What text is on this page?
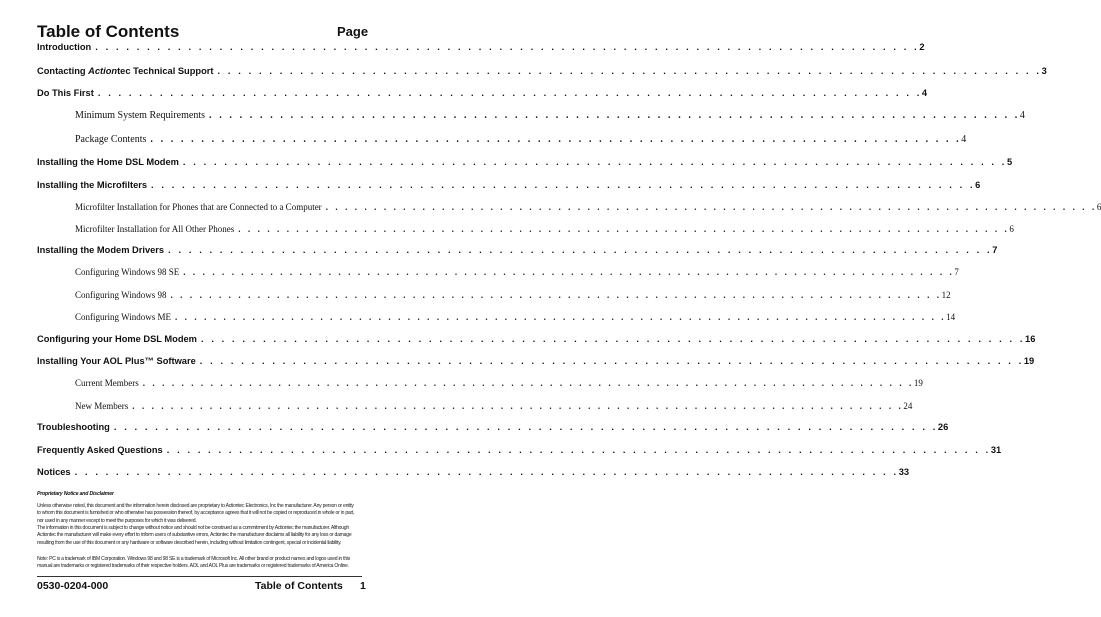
Table of Contents	Page
Introduction . . . . . . . . . . . . . . . . . . . . . . . . . . . . . . . . . . . . . . . . . . . . . . . . . . . . . . . . . . . . . . . . . . . . . . . . . . . . . . . . 2
Contacting Actiontec Technical Support . . . . . . . . . . . . . . . . . . . . . . . . . . . . . . . . . . . . . . . . . . . . . . . . . . . . . . . . . . . . . . . . . . . . . . . . . . . . . . . . 3
Do This First . . . . . . . . . . . . . . . . . . . . . . . . . . . . . . . . . . . . . . . . . . . . . . . . . . . . . . . . . . . . . . . . . . . . . . . . . . . . . . . . 4
Minimum System Requirements . . . . . . . . . . . . . . . . . . . . . . . . . . . . . . . . . . . . . . . . . . . . . . . . . . . . . . . . . . . . . . . . . . . . . . . . . . . . . . . . 4
Package Contents . . . . . . . . . . . . . . . . . . . . . . . . . . . . . . . . . . . . . . . . . . . . . . . . . . . . . . . . . . . . . . . . . . . . . . . . . . . . . . . . 4
Installing the Home DSL Modem . . . . . . . . . . . . . . . . . . . . . . . . . . . . . . . . . . . . . . . . . . . . . . . . . . . . . . . . . . . . . . . . . . . . . . . . . . . . . . . . 5
Installing the Microfilters . . . . . . . . . . . . . . . . . . . . . . . . . . . . . . . . . . . . . . . . . . . . . . . . . . . . . . . . . . . . . . . . . . . . . . . . . . . . . . . . 6
Microfilter Installation for Phones that are Connected to a Computer . . . . . . . . . . . . . . . . . . . . . . . . . . . . . . . . . . . . . . . . . . . . . . . . . . . . . . . . . . . . . . . . . . . . . . . . . . . . . . . . 6
Microfilter Installation for All Other Phones . . . . . . . . . . . . . . . . . . . . . . . . . . . . . . . . . . . . . . . . . . . . . . . . . . . . . . . . . . . . . . . . . . . . . . . . . . . . . . . . 6
Installing the Modem Drivers . . . . . . . . . . . . . . . . . . . . . . . . . . . . . . . . . . . . . . . . . . . . . . . . . . . . . . . . . . . . . . . . . . . . . . . . . . . . . . . . 7
Configuring Windows 98 SE . . . . . . . . . . . . . . . . . . . . . . . . . . . . . . . . . . . . . . . . . . . . . . . . . . . . . . . . . . . . . . . . . . . . . . . . . . . . . . . . 7
Configuring Windows 98 . . . . . . . . . . . . . . . . . . . . . . . . . . . . . . . . . . . . . . . . . . . . . . . . . . . . . . . . . . . . . . . . . . . . . . . . . . . . . . . . 12
Configuring Windows ME . . . . . . . . . . . . . . . . . . . . . . . . . . . . . . . . . . . . . . . . . . . . . . . . . . . . . . . . . . . . . . . . . . . . . . . . . . . . . . . . 14
Configuring your Home DSL Modem . . . . . . . . . . . . . . . . . . . . . . . . . . . . . . . . . . . . . . . . . . . . . . . . . . . . . . . . . . . . . . . . . . . . . . . . . . . . . . . . 16
Installing Your AOL Plus™ Software . . . . . . . . . . . . . . . . . . . . . . . . . . . . . . . . . . . . . . . . . . . . . . . . . . . . . . . . . . . . . . . . . . . . . . . . . . . . . . . . 19
Current Members . . . . . . . . . . . . . . . . . . . . . . . . . . . . . . . . . . . . . . . . . . . . . . . . . . . . . . . . . . . . . . . . . . . . . . . . . . . . . . . . 19
New Members . . . . . . . . . . . . . . . . . . . . . . . . . . . . . . . . . . . . . . . . . . . . . . . . . . . . . . . . . . . . . . . . . . . . . . . . . . . . . . . . 24
Troubleshooting . . . . . . . . . . . . . . . . . . . . . . . . . . . . . . . . . . . . . . . . . . . . . . . . . . . . . . . . . . . . . . . . . . . . . . . . . . . . . . . . 26
Frequently Asked Questions . . . . . . . . . . . . . . . . . . . . . . . . . . . . . . . . . . . . . . . . . . . . . . . . . . . . . . . . . . . . . . . . . . . . . . . . . . . . . . . . 31
Notices . . . . . . . . . . . . . . . . . . . . . . . . . . . . . . . . . . . . . . . . . . . . . . . . . . . . . . . . . . . . . . . . . . . . . . . . . . . . . . . . 33
Proprietary Notice and Disclaimer
Unless otherwise noted, this document and the information herein disclosed are proprietary to Actiontec Electronics, Inc the manufacturer. Any person or entity
to whom this document is furnished or who otherwise has possession thereof, by acceptance agrees that it will not be copied or reproduced in whole or in part,
nor used in any manner except to meet the purposes for which it was delivered.
The information in this document is subject to change without notice and should not be construed as a commitment by Actiontec the manufacturer. Although
Actiontec the manufacturer will make every effort to inform users of substantive errors, Actiontec the manufacturer disclaims all liability for any loss or damage
resulting from the use of this document or any hardware or software described herein, including without limitation contingent, special or incidental liability.
Note: PC is a trademark of IBM Corporation. Windows 98 and 98 SE is a trademark of Microsoft Inc. All other brand or product names and logos used in this
manual are trademarks or registered trademarks of their respective holders. AOL and AOL Plus are trademarks or registered trademarks of America Online.
0530-0204-000	Table of Contents 1
